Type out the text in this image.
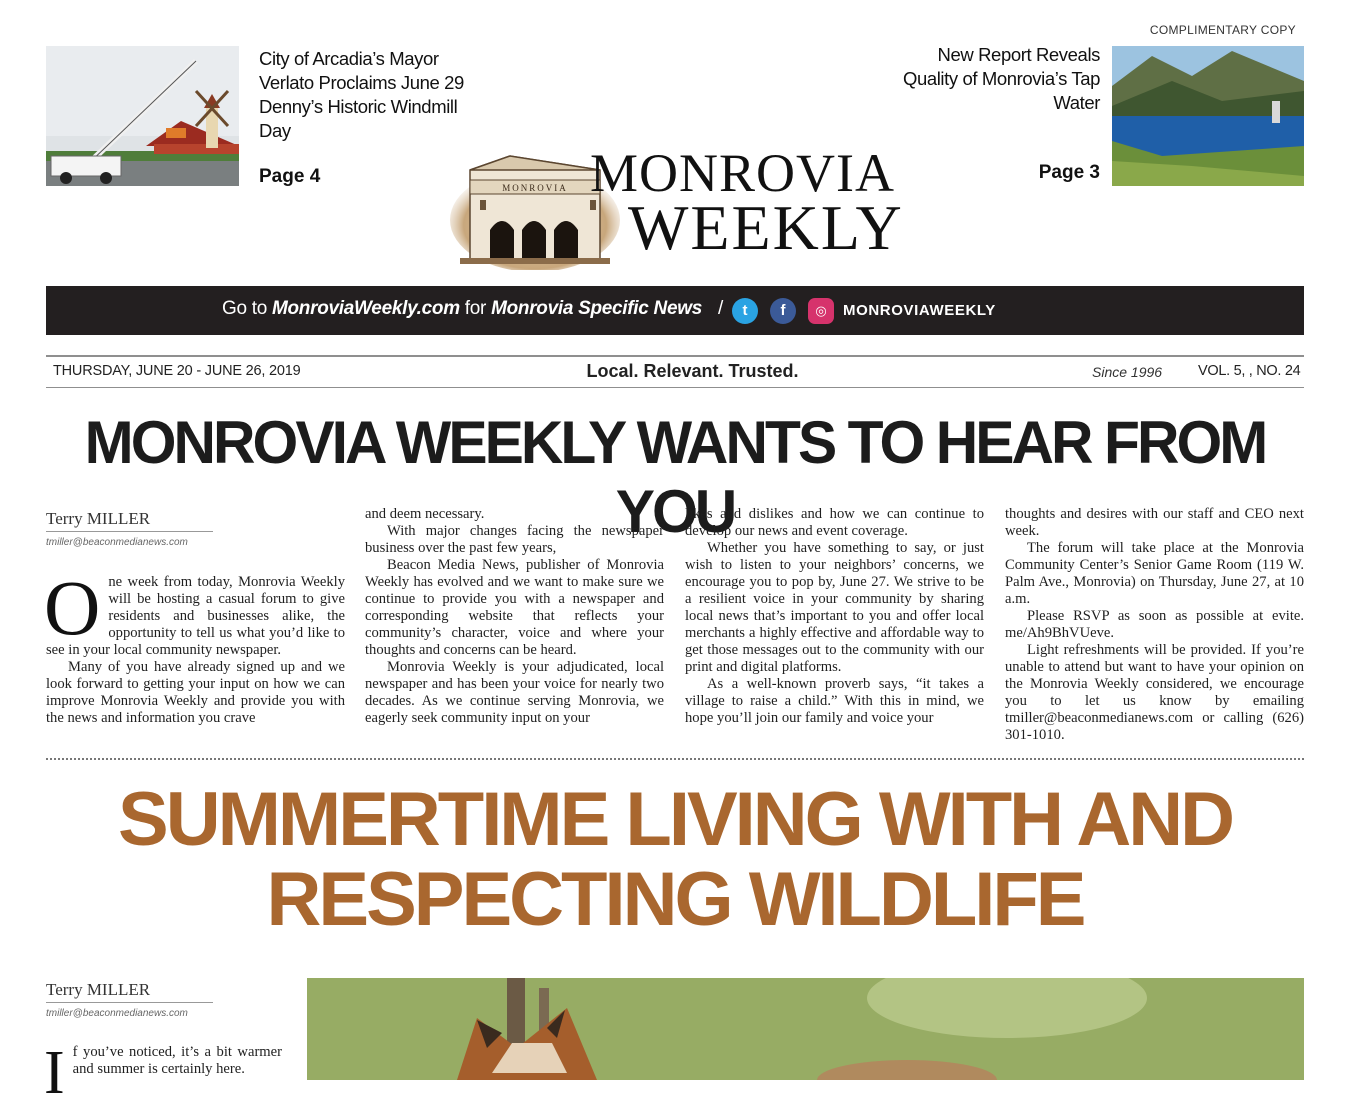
COMPLIMENTARY COPY
City of Arcadia’s Mayor Verlato Proclaims June 29 Denny’s Historic Windmill Day
Page 4
New Report Reveals Quality of Monrovia’s Tap Water
Page 3
MONROVIA MONROVIA
WEEKLY
Go to MonroviaWeekly.com for Monrovia Specific News /	t	f	◎	MONROVIAWEEKLY
THURSDAY, JUNE 20 - JUNE 26, 2019	Local. Relevant. Trusted.	Since 1996 VOL. 5, , NO. 24
MONROVIA WEEKLY WANTS TO HEAR FROM YOU
Terry MILLER
tmiller@beaconmedianews.com

One week from today, Monrovia Weekly will be hosting a casual forum to give residents and businesses alike, the opportunity to tell us what you’d like to see in your local community newspaper.

Many of you have already signed up and we look forward to getting your input on how we can improve Monrovia Weekly and provide you with the news and information you crave

and deem necessary.

With major changes facing the newspaper business over the past few years,

Beacon Media News, publisher of Monrovia Weekly has evolved and we want to make sure we continue to provide you with a newspaper and corresponding website that reflects your community’s character, voice and where your thoughts and concerns can be heard.

Monrovia Weekly is your adjudicated, local newspaper and has been your voice for nearly two decades. As we continue serving Monrovia, we eagerly seek community input on your

likes and dislikes and how we can continue to develop our news and event coverage.

Whether you have something to say, or just wish to listen to your neighbors’ concerns, we encourage you to pop by, June 27. We strive to be a resilient voice in your community by sharing local news that’s important to you and offer local merchants a highly effective and affordable way to get those messages out to the community with our print and digital platforms.

As a well-known proverb says, “it takes a village to raise a child.” With this in mind, we hope you’ll join our family and voice your

thoughts and desires with our staff and CEO next week.

The forum will take place at the Monrovia Community Center’s Senior Game Room (119 W. Palm Ave., Monrovia) on Thursday, June 27, at 10 a.m.

Please RSVP as soon as possible at evite. me/Ah9BhVUeve.

Light refreshments will be provided. If you’re unable to attend but want to have your opinion on the Monrovia Weekly considered, we encourage you to let us know by emailing tmiller@beaconmedianews.com or calling (626) 301-1010.

SUMMERTIME LIVING WITH AND RESPECTING WILDLIFE
Terry MILLER
tmiller@beaconmedianews.com

If you’ve noticed, it’s a bit warmer and summer is certainly here.
